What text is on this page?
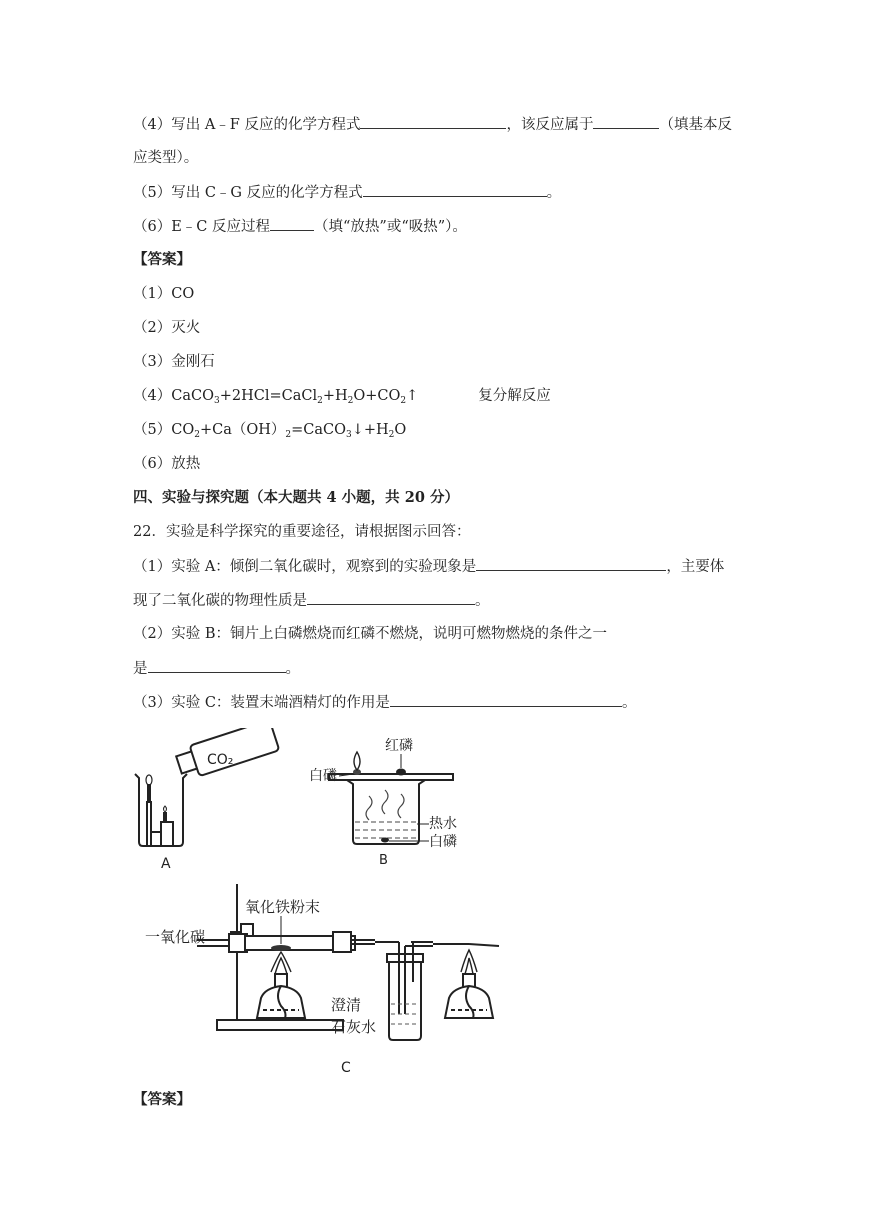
（4）写出 A﹣F 反应的化学方程式	，该反应属于	（填基本反
应类型）。
（5）写出 C﹣G 反应的化学方程式	。
（6）E﹣C 反应过程	（填“放热”或“吸热”）。
【答案】
（1）CO
（2）灭火
（3）金刚石
$(4)CaCO_3+2HCl=CaCl_2+H_2O+CO_2↑$	复分解反应
$(5)CO_2+Ca(OH)_2=CaCO_3↓+H_2O$
（6）放热
四、实验与探究题（本大题共 4 小题，共 20 分）
22．实验是科学探究的重要途径，请根据图示回答：
（1）实验 A：倾倒二氧化碳时，观察到的实验现象是	，主要体
现了二氧化碳的物理性质是	。
（2）实验 B：铜片上白磷燃烧而红磷不燃烧，说明可燃物燃烧的条件之一
是	。
（3）实验 C：装置末端酒精灯的作用是	。
CO₂
A
红磷
白磷
热水
白磷
B
一氧化碳
氧化铁粉末
澄清
石灰水
C
【答案】
